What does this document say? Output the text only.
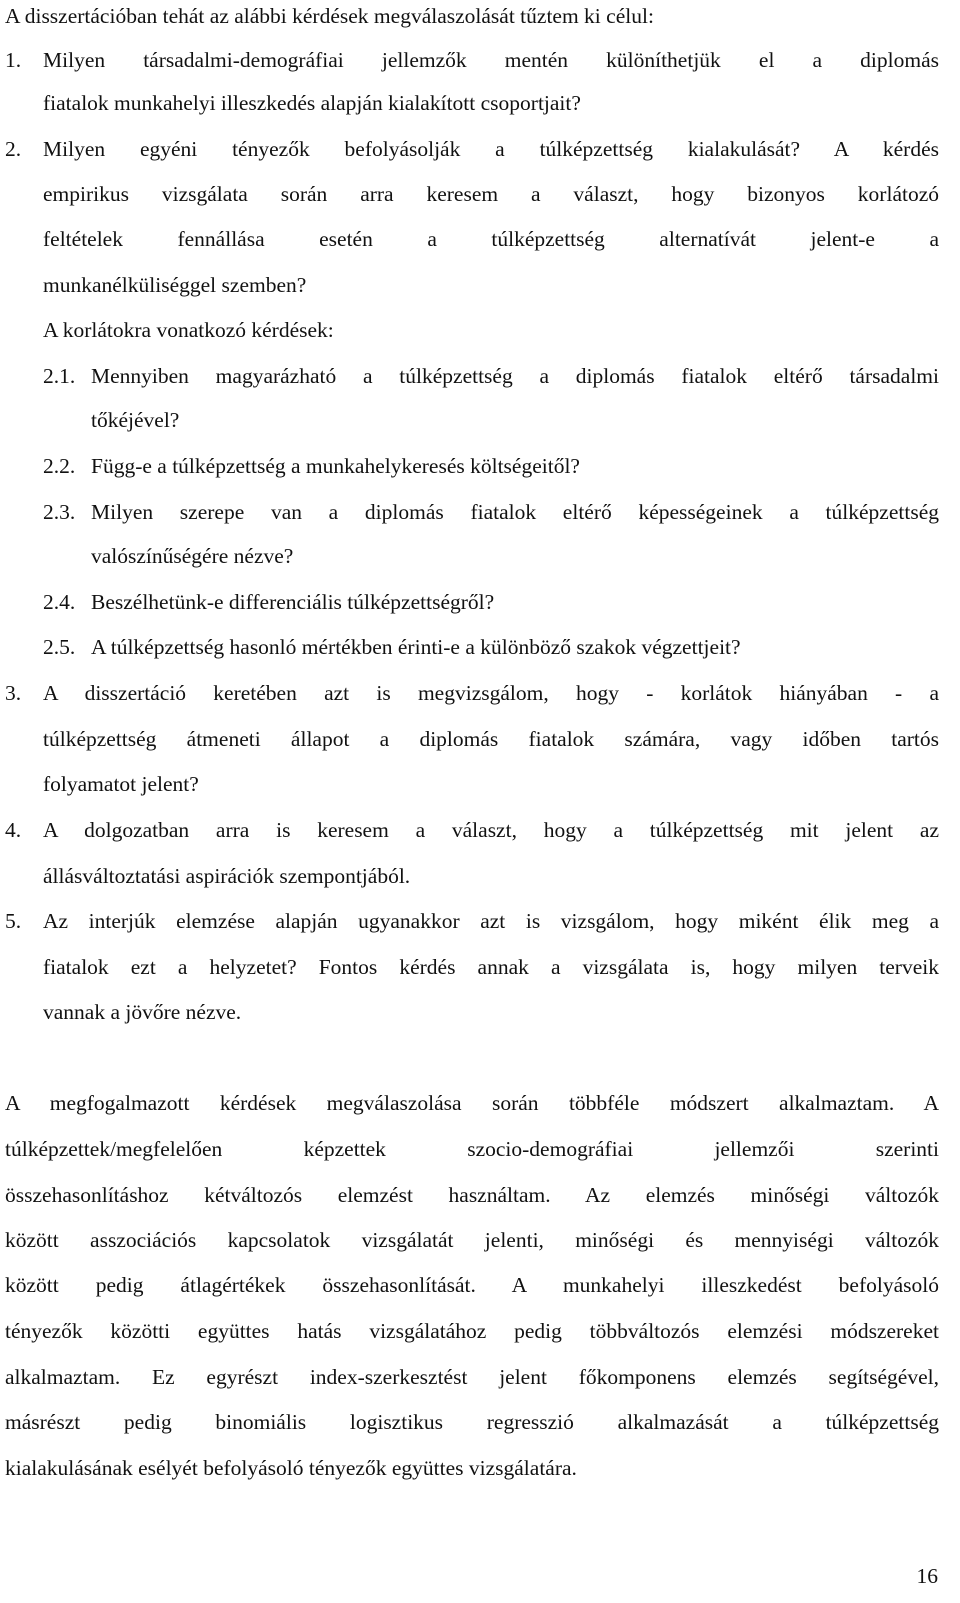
A disszertációban tehát az alábbi kérdések megválaszolását tűztem ki célul:
1. Milyen társadalmi-demográfiai jellemzők mentén különíthetjük el a diplomás
fiatalok munkahelyi illeszkedés alapján kialakított csoportjait?
2. Milyen egyéni tényezők befolyásolják a túlképzettség kialakulását? A kérdés
empirikus vizsgálata során arra keresem a választ, hogy bizonyos korlátozó
feltételek fennállása esetén a túlképzettség alternatívát jelent-e a
munkanélküliséggel szemben?
A korlátokra vonatkozó kérdések:
2.1. Mennyiben magyarázható a túlképzettség a diplomás fiatalok eltérő társadalmi
tőkéjével?
2.2. Függ-e a túlképzettség a munkahelykeresés költségeitől?
2.3. Milyen szerepe van a diplomás fiatalok eltérő képességeinek a túlképzettség
valószínűségére nézve?
2.4. Beszélhetünk-e differenciális túlképzettségről?
2.5. A túlképzettség hasonló mértékben érinti-e a különböző szakok végzettjeit?
3. A disszertáció keretében azt is megvizsgálom, hogy - korlátok hiányában - a
túlképzettség átmeneti állapot a diplomás fiatalok számára, vagy időben tartós
folyamatot jelent?
4. A dolgozatban arra is keresem a választ, hogy a túlképzettség mit jelent az
állásváltoztatási aspirációk szempontjából.
5. Az interjúk elemzése alapján ugyanakkor azt is vizsgálom, hogy miként élik meg a
fiatalok ezt a helyzetet? Fontos kérdés annak a vizsgálata is, hogy milyen terveik
vannak a jövőre nézve.
A megfogalmazott kérdések megválaszolása során többféle módszert alkalmaztam. A
túlképzettek/megfelelően képzettek szocio-demográfiai jellemzői szerinti
összehasonlításhoz kétváltozós elemzést használtam. Az elemzés minőségi változók
között asszociációs kapcsolatok vizsgálatát jelenti, minőségi és mennyiségi változók
között pedig átlagértékek összehasonlítását. A munkahelyi illeszkedést befolyásoló
tényezők közötti együttes hatás vizsgálatához pedig többváltozós elemzési módszereket
alkalmaztam. Ez egyrészt index-szerkesztést jelent főkomponens elemzés segítségével,
másrészt pedig binomiális logisztikus regresszió alkalmazását a túlképzettség
kialakulásának esélyét befolyásoló tényezők együttes vizsgálatára.
16
